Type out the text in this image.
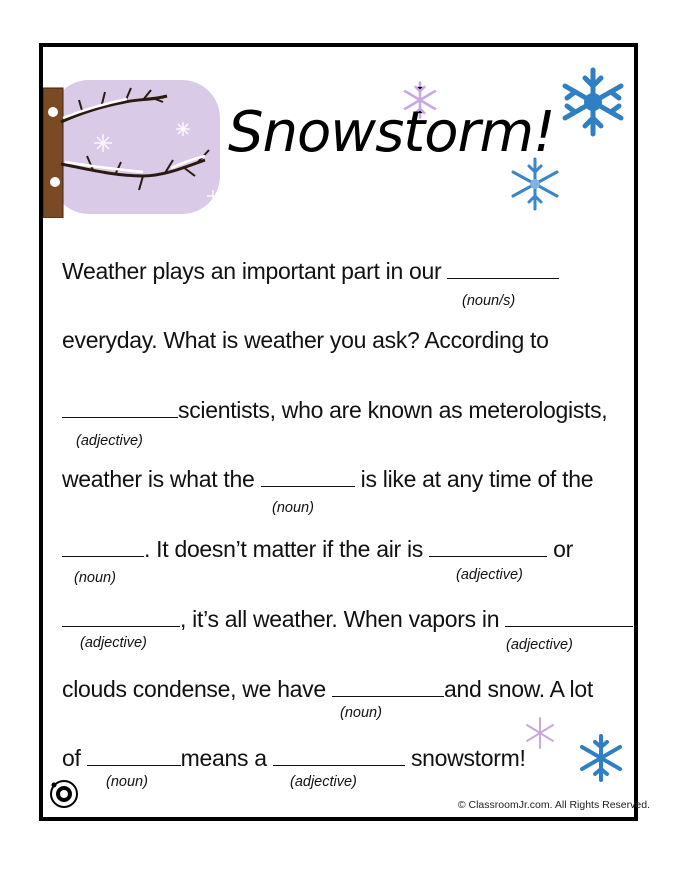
Snowstorm!
Weather plays an important part in our
(noun/s)
everyday. What is weather you ask? According to
scientists, who are known as meterologists,
(adjective)
weather is what the	is like at any time of the
(noun)
. It doesn’t matter if the air is	or
(noun)	(adjective)
, it’s all weather. When vapors in
(adjective)	(adjective)
clouds condense, we have	and snow. A lot
(noun)
of	means a	snowstorm!
(noun)	(adjective)
© ClassroomJr.com. All Rights Reserved.
